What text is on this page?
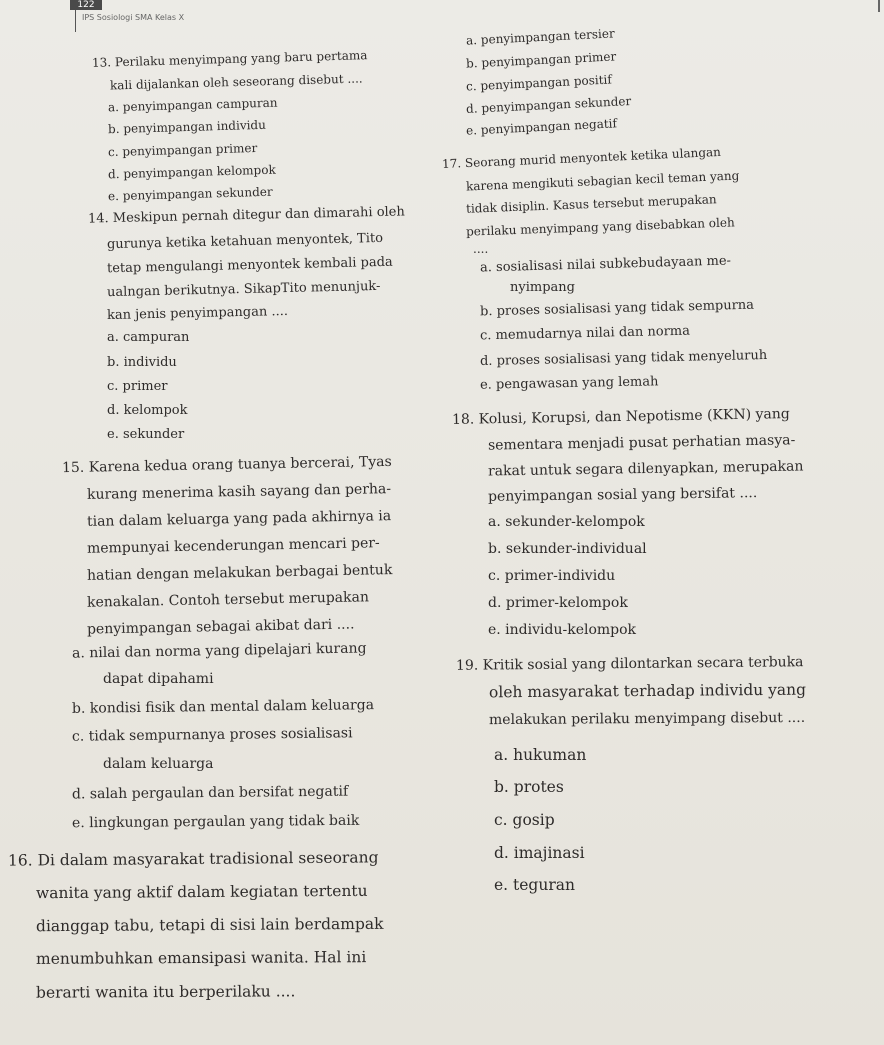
122
IPS Sosiologi SMA Kelas X
13. Perilaku menyimpang yang baru pertama
kali dijalankan oleh seseorang disebut ....
a. penyimpangan campuran
b. penyimpangan individu
c. penyimpangan primer
d. penyimpangan kelompok
e. penyimpangan sekunder
14. Meskipun pernah ditegur dan dimarahi oleh
gurunya ketika ketahuan menyontek, Tito
tetap mengulangi menyontek kembali pada
ualngan berikutnya. SikapTito menunjuk-
kan jenis penyimpangan ....
a. campuran
b. individu
c. primer
d. kelompok
e. sekunder
15. Karena kedua orang tuanya bercerai, Tyas
kurang menerima kasih sayang dan perha-
tian dalam keluarga yang pada akhirnya ia
mempunyai kecenderungan mencari per-
hatian dengan melakukan berbagai bentuk
kenakalan. Contoh tersebut merupakan
penyimpangan sebagai akibat dari ....
a. nilai dan norma yang dipelajari kurang
dapat dipahami
b. kondisi fisik dan mental dalam keluarga
c. tidak sempurnanya proses sosialisasi
dalam keluarga
d. salah pergaulan dan bersifat negatif
e. lingkungan pergaulan yang tidak baik
16. Di dalam masyarakat tradisional seseorang
wanita yang aktif dalam kegiatan tertentu
dianggap tabu, tetapi di sisi lain berdampak
menumbuhkan emansipasi wanita. Hal ini
berarti wanita itu berperilaku ....
a. penyimpangan tersier
b. penyimpangan primer
c. penyimpangan positif
d. penyimpangan sekunder
e. penyimpangan negatif
17. Seorang murid menyontek ketika ulangan
karena mengikuti sebagian kecil teman yang
tidak disiplin. Kasus tersebut merupakan
perilaku menyimpang yang disebabkan oleh
....
a. sosialisasi nilai subkebudayaan me-
nyimpang
b. proses sosialisasi yang tidak sempurna
c. memudarnya nilai dan norma
d. proses sosialisasi yang tidak menyeluruh
e. pengawasan yang lemah
18. Kolusi, Korupsi, dan Nepotisme (KKN) yang
sementara menjadi pusat perhatian masya-
rakat untuk segara dilenyapkan, merupakan
penyimpangan sosial yang bersifat ....
a. sekunder-kelompok
b. sekunder-individual
c. primer-individu
d. primer-kelompok
e. individu-kelompok
19. Kritik sosial yang dilontarkan secara terbuka
oleh masyarakat terhadap individu yang
melakukan perilaku menyimpang disebut ....
a. hukuman
b. protes
c. gosip
d. imajinasi
e. teguran
